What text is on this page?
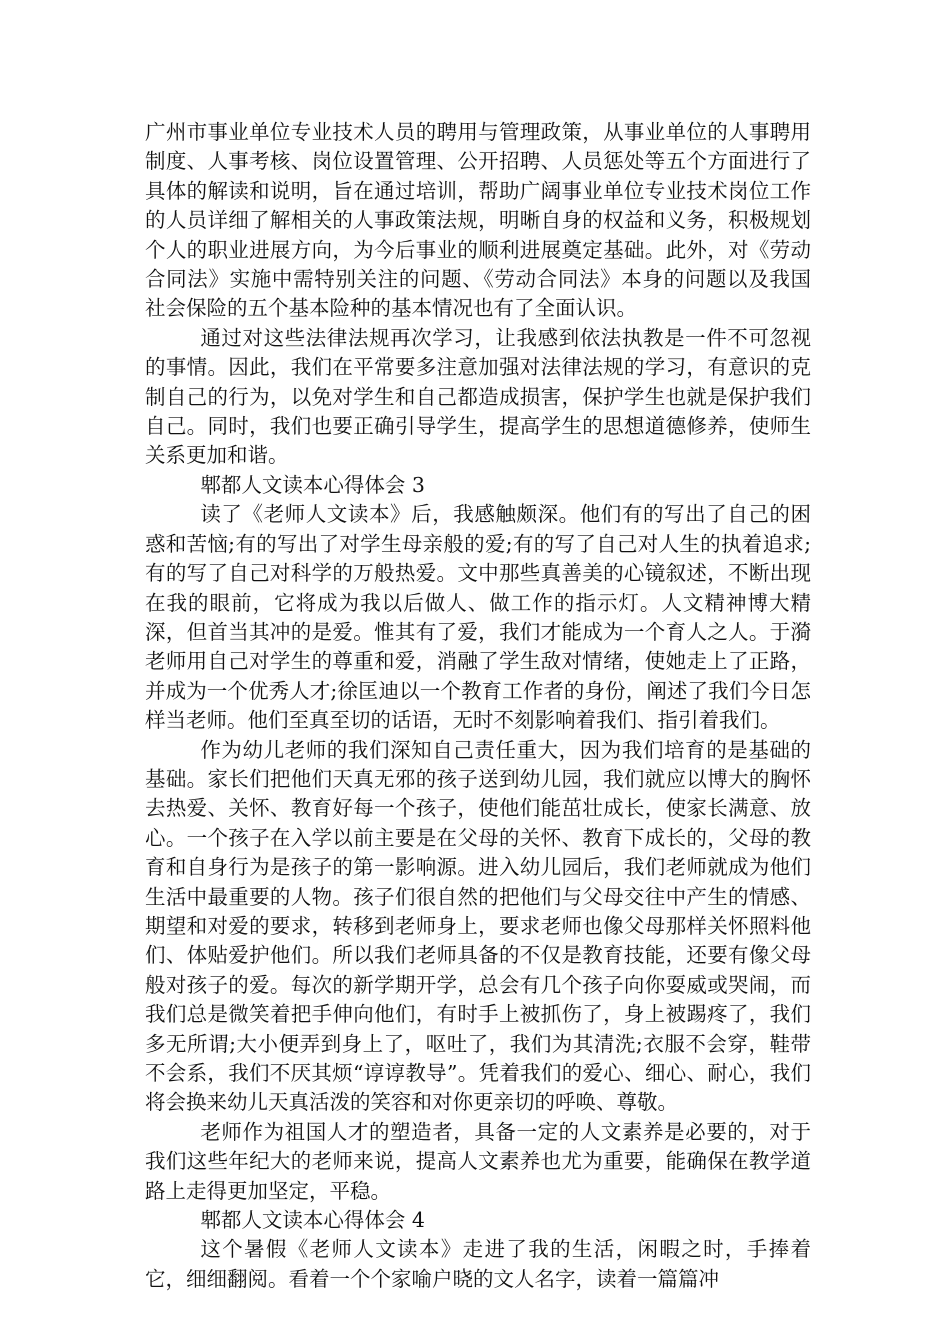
广州市事业单位专业技术人员的聘用与管理政策，从事业单位的人事聘用制度、人事考核、岗位设置管理、公开招聘、人员惩处等五个方面进行了具体的解读和说明，旨在通过培训，帮助广阔事业单位专业技术岗位工作的人员详细了解相关的人事政策法规，明晰自身的权益和义务，积极规划个人的职业进展方向，为今后事业的顺利进展奠定基础。此外，对《劳动合同法》实施中需特别关注的问题、《劳动合同法》本身的问题以及我国社会保险的五个基本险种的基本情况也有了全面认识。

通过对这些法律法规再次学习，让我感到依法执教是一件不可忽视的事情。因此，我们在平常要多注意加强对法律法规的学习，有意识的克制自己的行为，以免对学生和自己都造成损害，保护学生也就是保护我们自己。同时，我们也要正确引导学生，提高学生的思想道德修养，使师生关系更加和谐。

郫都人文读本心得体会 3

读了《老师人文读本》后，我感触颇深。他们有的写出了自己的困惑和苦恼;有的写出了对学生母亲般的爱;有的写了自己对人生的执着追求;有的写了自己对科学的万般热爱。文中那些真善美的心镜叙述，不断出现在我的眼前，它将成为我以后做人、做工作的指示灯。人文精神博大精深，但首当其冲的是爱。惟其有了爱，我们才能成为一个育人之人。于漪老师用自己对学生的尊重和爱，消融了学生敌对情绪，使她走上了正路，并成为一个优秀人才;徐匡迪以一个教育工作者的身份，阐述了我们今日怎样当老师。他们至真至切的话语，无时不刻影响着我们、指引着我们。

作为幼儿老师的我们深知自己责任重大，因为我们培育的是基础的基础。家长们把他们天真无邪的孩子送到幼儿园，我们就应以博大的胸怀去热爱、关怀、教育好每一个孩子，使他们能茁壮成长，使家长满意、放心。一个孩子在入学以前主要是在父母的关怀、教育下成长的，父母的教育和自身行为是孩子的第一影响源。进入幼儿园后，我们老师就成为他们生活中最重要的人物。孩子们很自然的把他们与父母交往中产生的情感、期望和对爱的要求，转移到老师身上，要求老师也像父母那样关怀照料他们、体贴爱护他们。所以我们老师具备的不仅是教育技能，还要有像父母般对孩子的爱。每次的新学期开学，总会有几个孩子向你耍威或哭闹，而我们总是微笑着把手伸向他们，有时手上被抓伤了，身上被踢疼了，我们多无所谓;大小便弄到身上了，呕吐了，我们为其清洗;衣服不会穿，鞋带不会系，我们不厌其烦“谆谆教导”。凭着我们的爱心、细心、耐心，我们将会换来幼儿天真活泼的笑容和对你更亲切的呼唤、尊敬。

老师作为祖国人才的塑造者，具备一定的人文素养是必要的，对于我们这些年纪大的老师来说，提高人文素养也尤为重要，能确保在教学道路上走得更加坚定，平稳。

郫都人文读本心得体会 4

这个暑假《老师人文读本》走进了我的生活，闲暇之时，手捧着它，细细翻阅。看着一个个家喻户晓的文人名字，读着一篇篇冲
